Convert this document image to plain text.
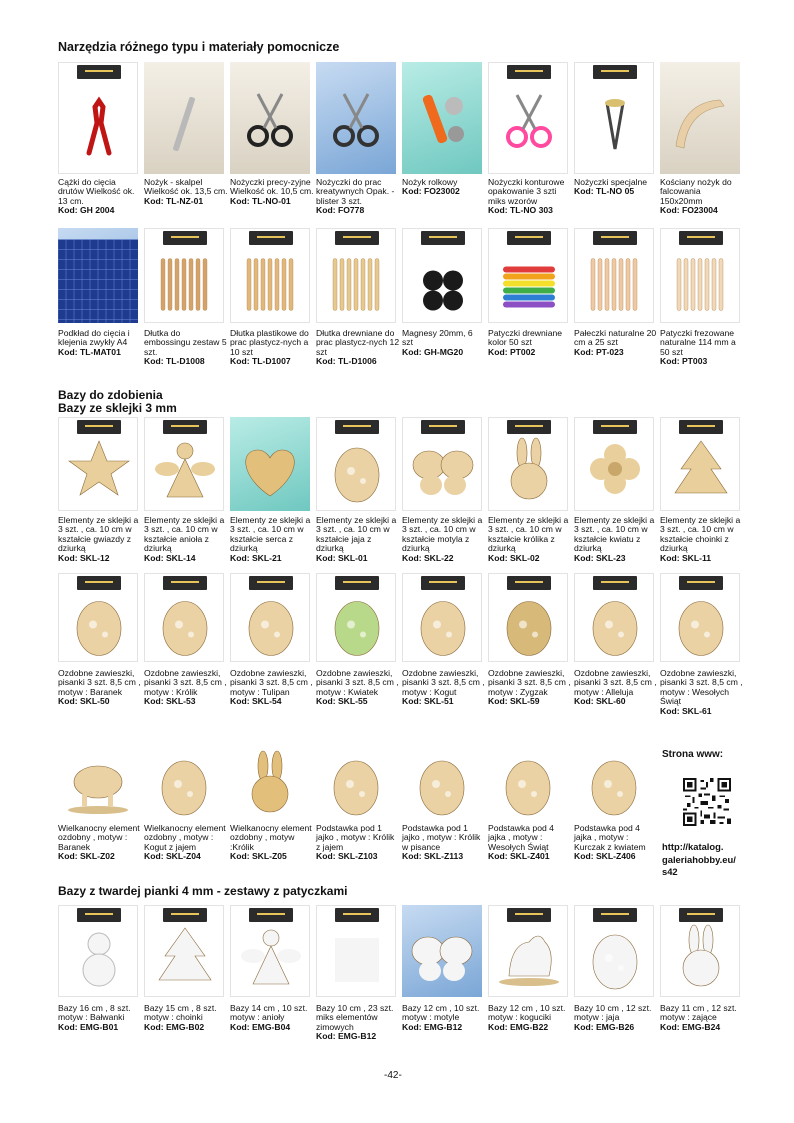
Narzędzia różnego typu i materiały pomocnicze
Bazy do zdobienia
Bazy ze sklejki 3 mm
Bazy z twardej pianki 4 mm - zestawy z patyczkami
Cążki do cięcia drutów Wielkość ok. 13 cm.
Kod: GH 2004
Nożyk - skalpel Wielkość ok. 13,5 cm.
Kod: TL-NZ-01
Nożyczki precy-zyjne Wielkość ok. 10,5 cm.
Kod: TL-NO-01
Nożyczki do prac kreatywnych Opak. - blister 3 szt.
Kod: FO778
Nożyk rolkowy
Kod: FO23002
Nożyczki konturowe opakowanie 3 szti miks wzorów
Kod: TL-NO 303
Nożyczki specjalne
Kod: TL-NO 05
Kościany nożyk do falcowania 150x20mm
Kod: FO23004
Podkład do cięcia i klejenia zwykły A4
Kod: TL-MAT01
Dłutka do embossingu zestaw 5 szt.
Kod: TL-D1008
Dłutka plastikowe do prac plastycz-nych a 10 szt
Kod: TL-D1007
Dłutka drewniane do prac plastycz-nych 12 szt
Kod: TL-D1006
Magnesy 20mm, 6 szt
Kod: GH-MG20
Patyczki drewniane kolor 50 szt
Kod: PT002
Pałeczki naturalne 20 cm a 25 szt
Kod: PT-023
Patyczki frezowane naturalne 114 mm a 50 szt
Kod: PT003
Elementy ze sklejki a 3 szt. , ca. 10 cm w kształcie gwiazdy z dziurką
Kod: SKL-12
Elementy ze sklejki a 3 szt. , ca. 10 cm w kształcie anioła z dziurką
Kod: SKL-14
Elementy ze sklejki a 3 szt. , ca. 10 cm w kształcie serca z dziurką
Kod: SKL-21
Elementy ze sklejki a 3 szt. , ca. 10 cm w kształcie jaja z dziurką
Kod: SKL-01
Elementy ze sklejki a 3 szt. , ca. 10 cm w kształcie motyla z dziurką
Kod: SKL-22
Elementy ze sklejki a 3 szt. , ca. 10 cm w kształcie królika z dziurką
Kod: SKL-02
Elementy ze sklejki a 3 szt. , ca. 10 cm w kształcie kwiatu z dziurką
Kod: SKL-23
Elementy ze sklejki a 3 szt. , ca. 10 cm w kształcie choinki z dziurką
Kod: SKL-11
Ozdobne zawieszki, pisanki 3 szt. 8,5 cm , motyw : Baranek
Kod: SKL-50
Ozdobne zawieszki, pisanki 3 szt. 8,5 cm , motyw : Królik
Kod: SKL-53
Ozdobne zawieszki, pisanki 3 szt. 8,5 cm , motyw : Tulipan
Kod: SKL-54
Ozdobne zawieszki, pisanki 3 szt. 8,5 cm , motyw : Kwiatek
Kod: SKL-55
Ozdobne zawieszki, pisanki 3 szt. 8,5 cm , motyw : Kogut
Kod: SKL-51
Ozdobne zawieszki, pisanki 3 szt. 8,5 cm , motyw : Zygzak
Kod: SKL-59
Ozdobne zawieszki, pisanki 3 szt. 8,5 cm , motyw : Alleluja
Kod: SKL-60
Ozdobne zawieszki, pisanki 3 szt. 8,5 cm , motyw : Wesołych Świąt
Kod: SKL-61
Wielkanocny element ozdobny , motyw : Baranek
Kod: SKL-Z02
Wielkanocny element ozdobny , motyw : Kogut z jajem
Kod: SKL-Z04
Wielkanocny element ozdobny , motyw :Królik
Kod: SKL-Z05
Podstawka pod 1 jajko , motyw : Królik z jajem
Kod: SKL-Z103
Podstawka pod 1 jajko , motyw : Królik w pisance
Kod: SKL-Z113
Podstawka pod 4 jajka , motyw : Wesołych Świąt
Kod: SKL-Z401
Podstawka pod 4 jajka , motyw : Kurczak z kwiatem
Kod: SKL-Z406
Bazy 16 cm , 8 szt. motyw : Bałwanki
Kod: EMG-B01
Bazy 15 cm , 8 szt. motyw : choinki
Kod: EMG-B02
Bazy 14 cm , 10 szt. motyw : anioły
Kod: EMG-B04
Bazy 10 cm , 23 szt. miks elementów zimowych
Kod: EMG-B12
Bazy 12 cm , 10 szt. motyw : motyle
Kod: EMG-B12
Bazy 12 cm , 10 szt. motyw : koguciki
Kod: EMG-B22
Bazy 10 cm , 12 szt. motyw : jaja
Kod: EMG-B26
Bazy 11 cm , 12 szt. motyw : zające
Kod: EMG-B24
Strona www:
http://katalog. galeriahobby.eu/ s42
-42-
